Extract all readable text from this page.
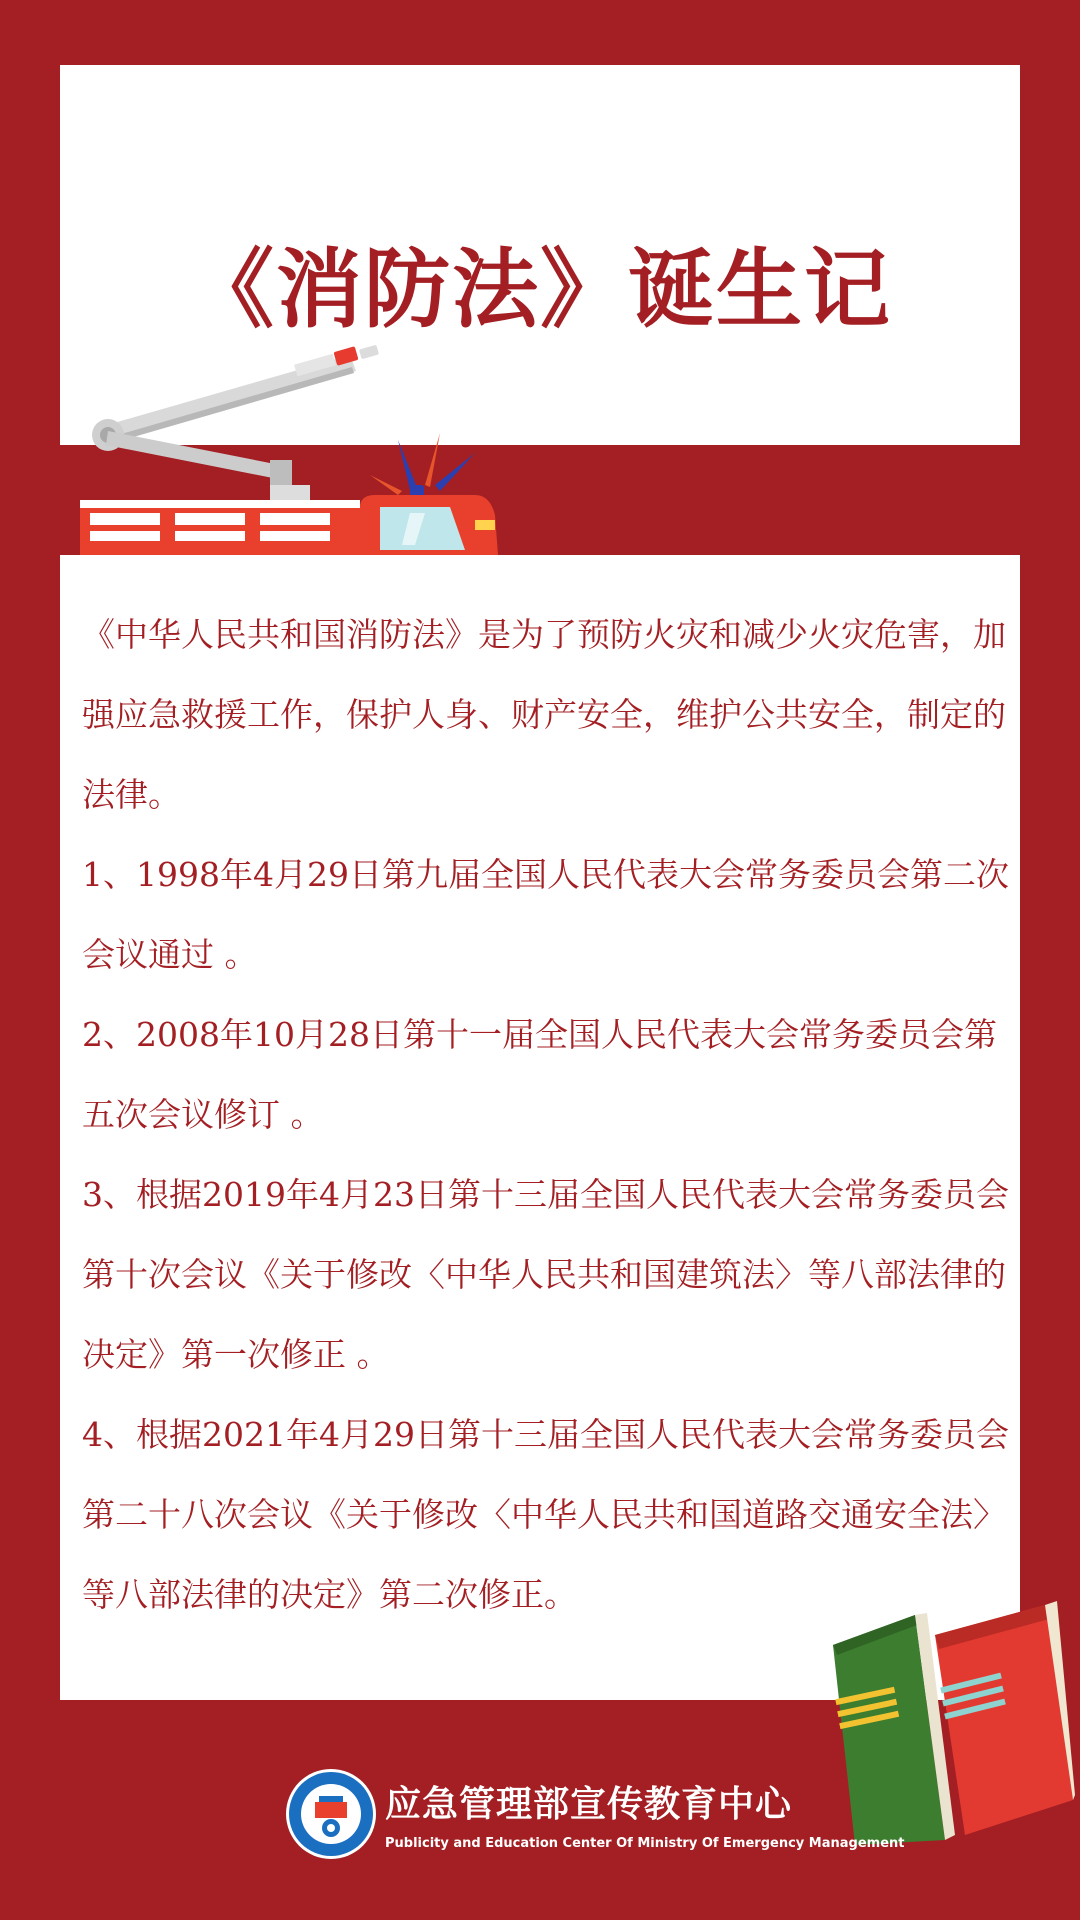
《消防法》诞生记

《中华人民共和国消防法》是为了预防火灾和减少火灾危害，加强应急救援工作，保护人身、财产安全，维护公共安全，制定的法律。

1、1998年4月29日第九届全国人民代表大会常务委员会第二次会议通过 。

2、2008年10月28日第十一届全国人民代表大会常务委员会第五次会议修订 。

3、根据2019年4月23日第十三届全国人民代表大会常务委员会第十次会议《关于修改〈中华人民共和国建筑法〉等八部法律的决定》第一次修正 。

4、根据2021年4月29日第十三届全国人民代表大会常务委员会第二十八次会议《关于修改〈中华人民共和国道路交通安全法〉等八部法律的决定》第二次修正。

应急管理部宣传教育中心
Publicity and Education Center Of Ministry Of Emergency Management
